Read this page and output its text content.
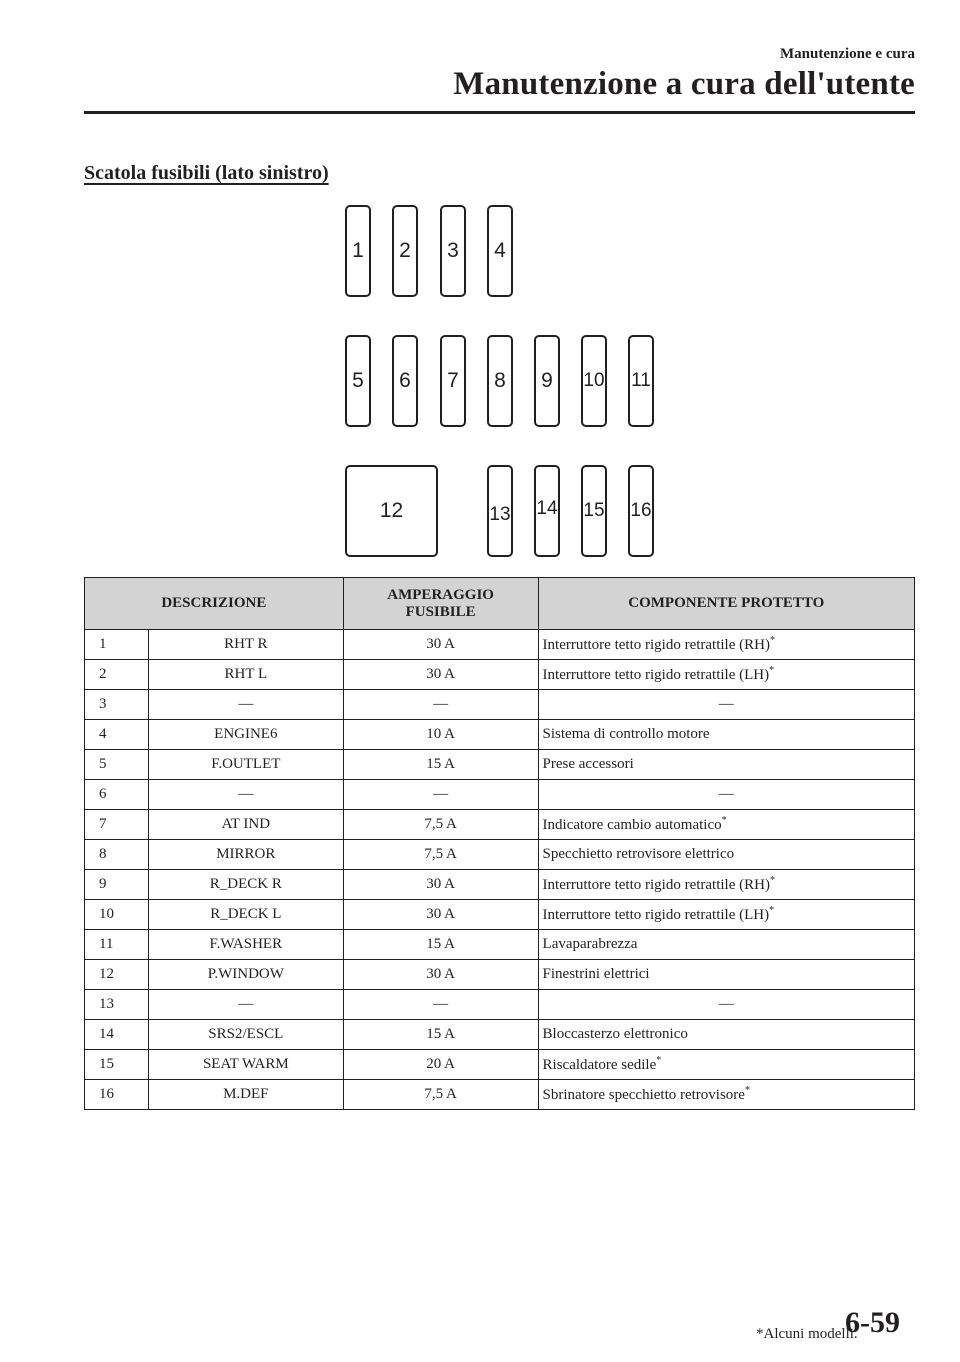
Manutenzione e cura
Manutenzione a cura dell'utente
Scatola fusibili (lato sinistro)
1 2 3 4
5 6 7 8 9 10 11
12	13 14 15 16
DESCRIZIONE		AMPERAGGIO
FUSIBILE	COMPONENTE PROTETTO
1	RHT R	30 A	Interruttore tetto rigido retrattile (RH)*
2	RHT L	30 A	Interruttore tetto rigido retrattile (LH)*
3	—	—	—
4	ENGINE6	10 A	Sistema di controllo motore
5	F.OUTLET	15 A	Prese accessori
6	—	—	—
7	AT IND	7,5 A	Indicatore cambio automatico*
8	MIRROR	7,5 A	Specchietto retrovisore elettrico
9	R_DECK R	30 A	Interruttore tetto rigido retrattile (RH)*
10	R_DECK L	30 A	Interruttore tetto rigido retrattile (LH)*
11	F.WASHER	15 A	Lavaparabrezza
12	P.WINDOW	30 A	Finestrini elettrici
13	—	—	—
14	SRS2/ESCL	15 A	Bloccasterzo elettronico
15	SEAT WARM	20 A	Riscaldatore sedile*
16	M.DEF	7,5 A	Sbrinatore specchietto retrovisore*
*Alcuni modelli.
6-59
